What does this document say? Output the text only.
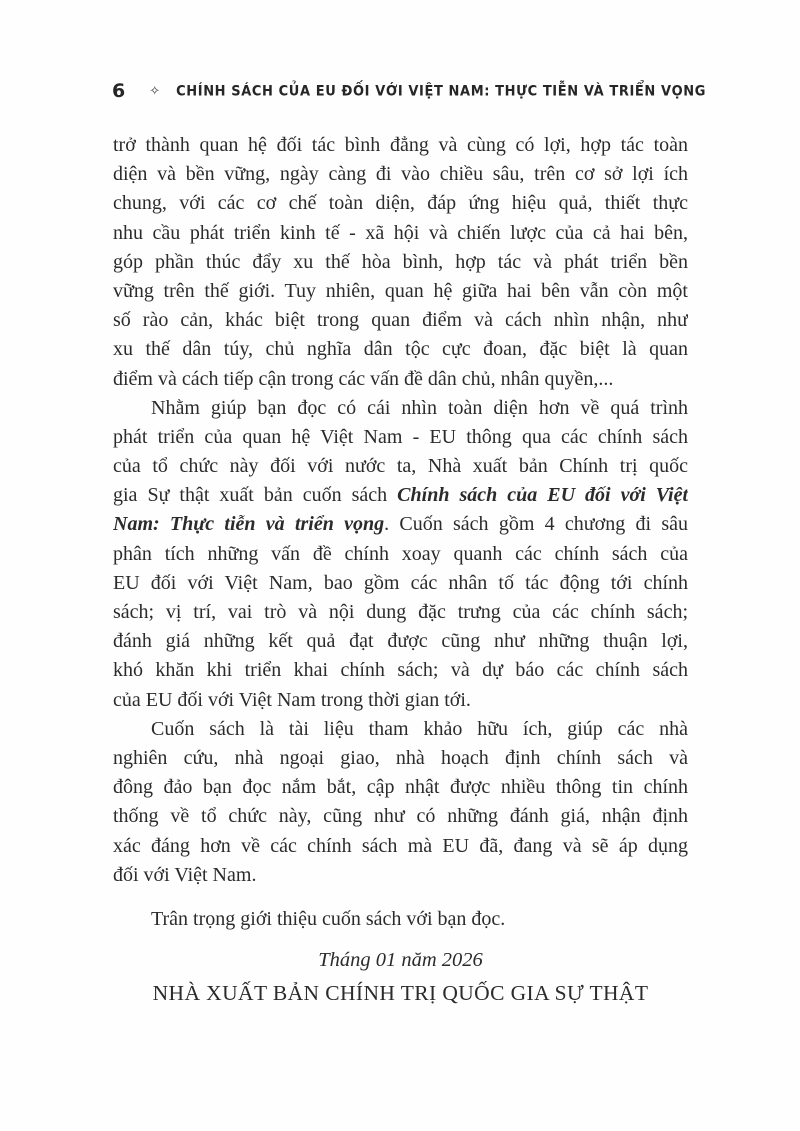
6 ✧ CHÍNH SÁCH CỦA EU ĐỐI VỚI VIỆT NAM: THỰC TIỄN VÀ TRIỂN VỌNG
trở thành quan hệ đối tác bình đẳng và cùng có lợi, hợp tác toàn
diện và bền vững, ngày càng đi vào chiều sâu, trên cơ sở lợi ích
chung, với các cơ chế toàn diện, đáp ứng hiệu quả, thiết thực
nhu cầu phát triển kinh tế - xã hội và chiến lược của cả hai bên,
góp phần thúc đẩy xu thế hòa bình, hợp tác và phát triển bền
vững trên thế giới. Tuy nhiên, quan hệ giữa hai bên vẫn còn một
số rào cản, khác biệt trong quan điểm và cách nhìn nhận, như
xu thế dân túy, chủ nghĩa dân tộc cực đoan, đặc biệt là quan
điểm và cách tiếp cận trong các vấn đề dân chủ, nhân quyền,...
Nhằm giúp bạn đọc có cái nhìn toàn diện hơn về quá trình
phát triển của quan hệ Việt Nam - EU thông qua các chính sách
của tổ chức này đối với nước ta, Nhà xuất bản Chính trị quốc
gia Sự thật xuất bản cuốn sách Chính sách của EU đối với Việt
Nam: Thực tiễn và triển vọng. Cuốn sách gồm 4 chương đi sâu
phân tích những vấn đề chính xoay quanh các chính sách của
EU đối với Việt Nam, bao gồm các nhân tố tác động tới chính
sách; vị trí, vai trò và nội dung đặc trưng của các chính sách;
đánh giá những kết quả đạt được cũng như những thuận lợi,
khó khăn khi triển khai chính sách; và dự báo các chính sách
của EU đối với Việt Nam trong thời gian tới.
Cuốn sách là tài liệu tham khảo hữu ích, giúp các nhà
nghiên cứu, nhà ngoại giao, nhà hoạch định chính sách và
đông đảo bạn đọc nắm bắt, cập nhật được nhiều thông tin chính
thống về tổ chức này, cũng như có những đánh giá, nhận định
xác đáng hơn về các chính sách mà EU đã, đang và sẽ áp dụng
đối với Việt Nam.
Trân trọng giới thiệu cuốn sách với bạn đọc.
Tháng 01 năm 2026
NHÀ XUẤT BẢN CHÍNH TRỊ QUỐC GIA SỰ THẬT
